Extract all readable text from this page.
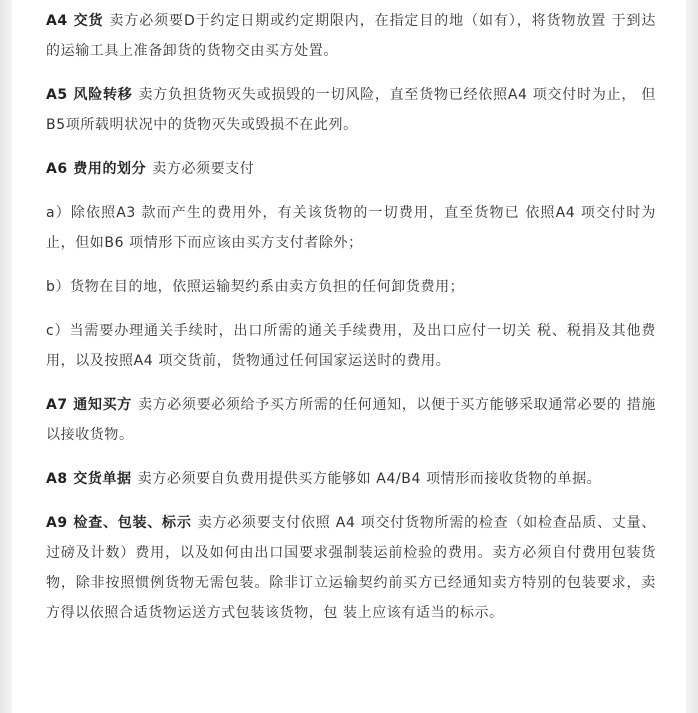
A4 交货 卖方必须要D于约定日期或约定期限内，在指定目的地（如有），将货物放置 于到达的运输工具上准备卸货的货物交由买方处置。

A5 风险转移 卖方负担货物灭失或损毁的一切风险，直至货物已经依照A4 项交付时为止， 但B5项所载明状况中的货物灭失或毁损不在此列。

A6 费用的划分 卖方必须要支付

a）除依照A3 款而产生的费用外，有关该货物的一切费用，直至货物已 依照A4 项交付时为止，但如B6 项情形下而应该由买方支付者除外；

b）货物在目的地，依照运输契约系由卖方负担的任何卸货费用；

c）当需要办理通关手续时，出口所需的通关手续费用，及出口应付一切关 税、税捐及其他费用，以及按照A4 项交货前，货物通过任何国家运送时的费用。

A7 通知买方 卖方必须要必须给予买方所需的任何通知，以便于买方能够采取通常必要的 措施以接收货物。

A8 交货单据 卖方必须要自负费用提供买方能够如 A4/B4 项情形而接收货物的单据。

A9 检查、包装、标示 卖方必须要支付依照 A4 项交付货物所需的检查（如检查品质、丈量、过磅及计数）费用，以及如何由出口国要求强制装运前检验的费用。卖方必须自付费用包装货物，除非按照惯例货物无需包装。除非订立运输契约前买方已经通知卖方特别的包装要求，卖方得以依照合适货物运送方式包装该货物，包 装上应该有适当的标示。
